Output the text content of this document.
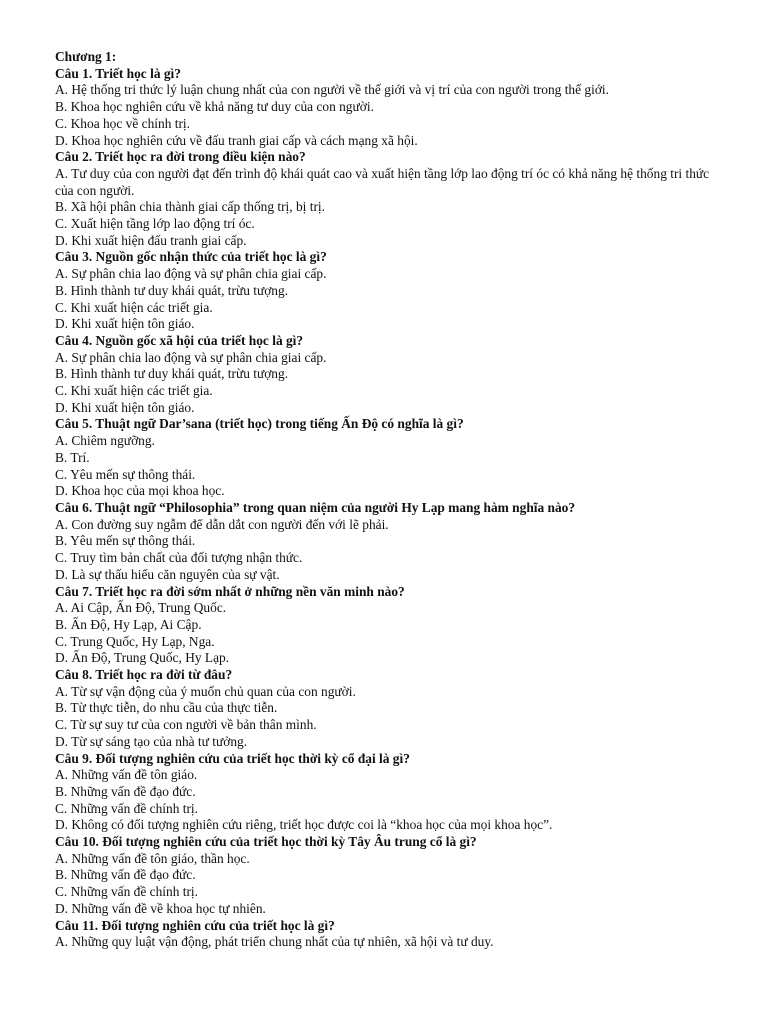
Chương 1:
Câu 1. Triết học là gì?
A. Hệ thống tri thức lý luận chung nhất của con người về thế giới và vị trí của con người trong thế giới.
B. Khoa học nghiên cứu về khả năng tư duy của con người.
C. Khoa học về chính trị.
D. Khoa học nghiên cứu về đấu tranh giai cấp và cách mạng xã hội.
Câu 2. Triết học ra đời trong điều kiện nào?
A. Tư duy của con người đạt đến trình độ khái quát cao và xuất hiện tầng lớp lao động trí óc có khả năng hệ thống tri thức của con người.
B. Xã hội phân chia thành giai cấp thống trị, bị trị.
C. Xuất hiện tầng lớp lao động trí óc.
D. Khi xuất hiện đấu tranh giai cấp.
Câu 3. Nguồn gốc nhận thức của triết học là gì?
A. Sự phân chia lao động và sự phân chia giai cấp.
B. Hình thành tư duy khái quát, trừu tượng.
C. Khi xuất hiện các triết gia.
D. Khi xuất hiện tôn giáo.
Câu 4. Nguồn gốc xã hội của triết học là gì?
A. Sự phân chia lao động và sự phân chia giai cấp.
B. Hình thành tư duy khái quát, trừu tượng.
C. Khi xuất hiện các triết gia.
D. Khi xuất hiện tôn giáo.
Câu 5. Thuật ngữ Dar’sana (triết học) trong tiếng Ấn Độ có nghĩa là gì?
A. Chiêm ngưỡng.
B. Trí.
C. Yêu mến sự thông thái.
D. Khoa học của mọi khoa học.
Câu 6. Thuật ngữ “Philosophia” trong quan niệm của người Hy Lạp mang hàm nghĩa nào?
A. Con đường suy ngẫm để dẫn dắt con người đến với lẽ phải.
B. Yêu mến sự thông thái.
C. Truy tìm bản chất của đối tượng nhận thức.
D. Là sự thấu hiểu căn nguyên của sự vật.
Câu 7. Triết học ra đời sớm nhất ở những nền văn minh nào?
A. Ai Cập, Ấn Độ, Trung Quốc.
B. Ấn Độ, Hy Lạp, Ai Cập.
C. Trung Quốc, Hy Lạp, Nga.
D. Ấn Độ, Trung Quốc, Hy Lạp.
Câu 8. Triết học ra đời từ đâu?
A. Từ sự vận động của ý muốn chủ quan của con người.
B. Từ thực tiễn, do nhu cầu của thực tiễn.
C. Từ sự suy tư của con người về bản thân mình.
D. Từ sự sáng tạo của nhà tư tưởng.
Câu 9. Đối tượng nghiên cứu của triết học thời kỳ cổ đại là gì?
A. Những vấn đề tôn giáo.
B. Những vấn đề đạo đức.
C. Những vấn đề chính trị.
D. Không có đối tượng nghiên cứu riêng, triết học được coi là “khoa học của mọi khoa học”.
Câu 10. Đối tượng nghiên cứu của triết học thời kỳ Tây Âu trung cổ là gì?
A. Những vấn đề tôn giáo, thần học.
B. Những vấn đề đạo đức.
C. Những vấn đề chính trị.
D. Những vấn đề về khoa học tự nhiên.
Câu 11. Đối tượng nghiên cứu của triết học là gì?
A. Những quy luật vận động, phát triển chung nhất của tự nhiên, xã hội và tư duy.
